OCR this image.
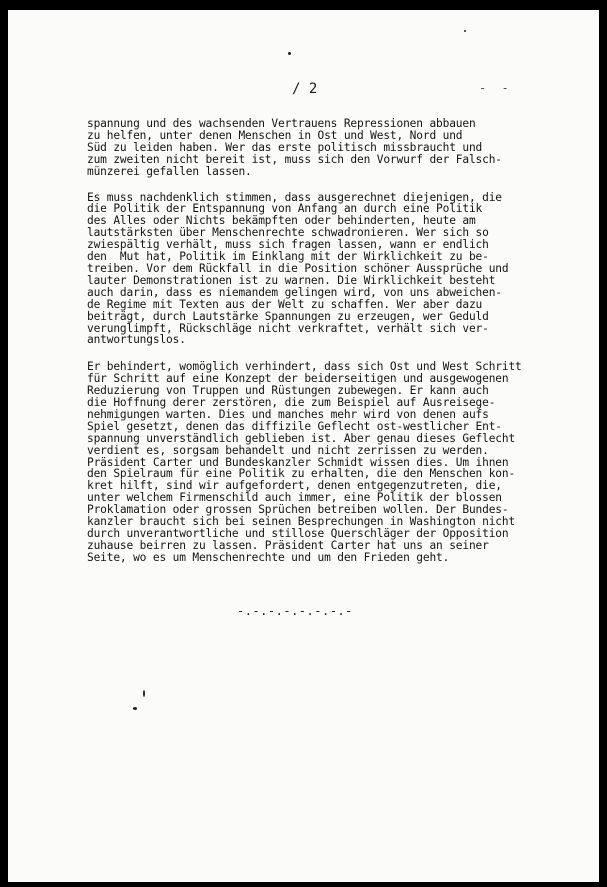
/ 2	- -
spannung und des wachsenden Vertrauens Repressionen abbauen
zu helfen, unter denen Menschen in Ost und West, Nord und
Süd zu leiden haben. Wer das erste politisch missbraucht und
zum zweiten nicht bereit ist, muss sich den Vorwurf der Falsch-
münzerei gefallen lassen.
Es muss nachdenklich stimmen, dass ausgerechnet diejenigen, die
die Politik der Entspannung von Anfang an durch eine Politik
des Alles oder Nichts bekämpften oder behinderten, heute am
lautstärksten über Menschenrechte schwadronieren. Wer sich so
zwiespältig verhält, muss sich fragen lassen, wann er endlich
den  Mut hat, Politik im Einklang mit der Wirklichkeit zu be-
treiben. Vor dem Rückfall in die Position schöner Aussprüche und
lauter Demonstrationen ist zu warnen. Die Wirklichkeit besteht
auch darin, dass es niemandem gelingen wird, von uns abweichen-
de Regime mit Texten aus der Welt zu schaffen. Wer aber dazu
beiträgt, durch Lautstärke Spannungen zu erzeugen, wer Geduld
verunglimpft, Rückschläge nicht verkraftet, verhält sich ver-
antwortungslos.
Er behindert, womöglich verhindert, dass sich Ost und West Schritt
für Schritt auf eine Konzept der beiderseitigen und ausgewogenen
Reduzierung von Truppen und Rüstungen zubewegen. Er kann auch
die Hoffnung derer zerstören, die zum Beispiel auf Ausreisege-
nehmigungen warten. Dies und manches mehr wird von denen aufs
Spiel gesetzt, denen das diffizile Geflecht ost-westlicher Ent-
spannung unverständlich geblieben ist. Aber genau dieses Geflecht
verdient es, sorgsam behandelt und nicht zerrissen zu werden.
Präsident Carter und Bundeskanzler Schmidt wissen dies. Um ihnen
den Spielraum für eine Politik zu erhalten, die den Menschen kon-
kret hilft, sind wir aufgefordert, denen entgegenzutreten, die,
unter welchem Firmenschild auch immer, eine Politik der blossen
Proklamation oder grossen Sprüchen betreiben wollen. Der Bundes-
kanzler braucht sich bei seinen Besprechungen in Washington nicht
durch unverantwortliche und stillose Querschläger der Opposition
zuhause beirren zu lassen. Präsident Carter hat uns an seiner
Seite, wo es um Menschenrechte und um den Frieden geht.
-.-.-.-.-.-.-.-
